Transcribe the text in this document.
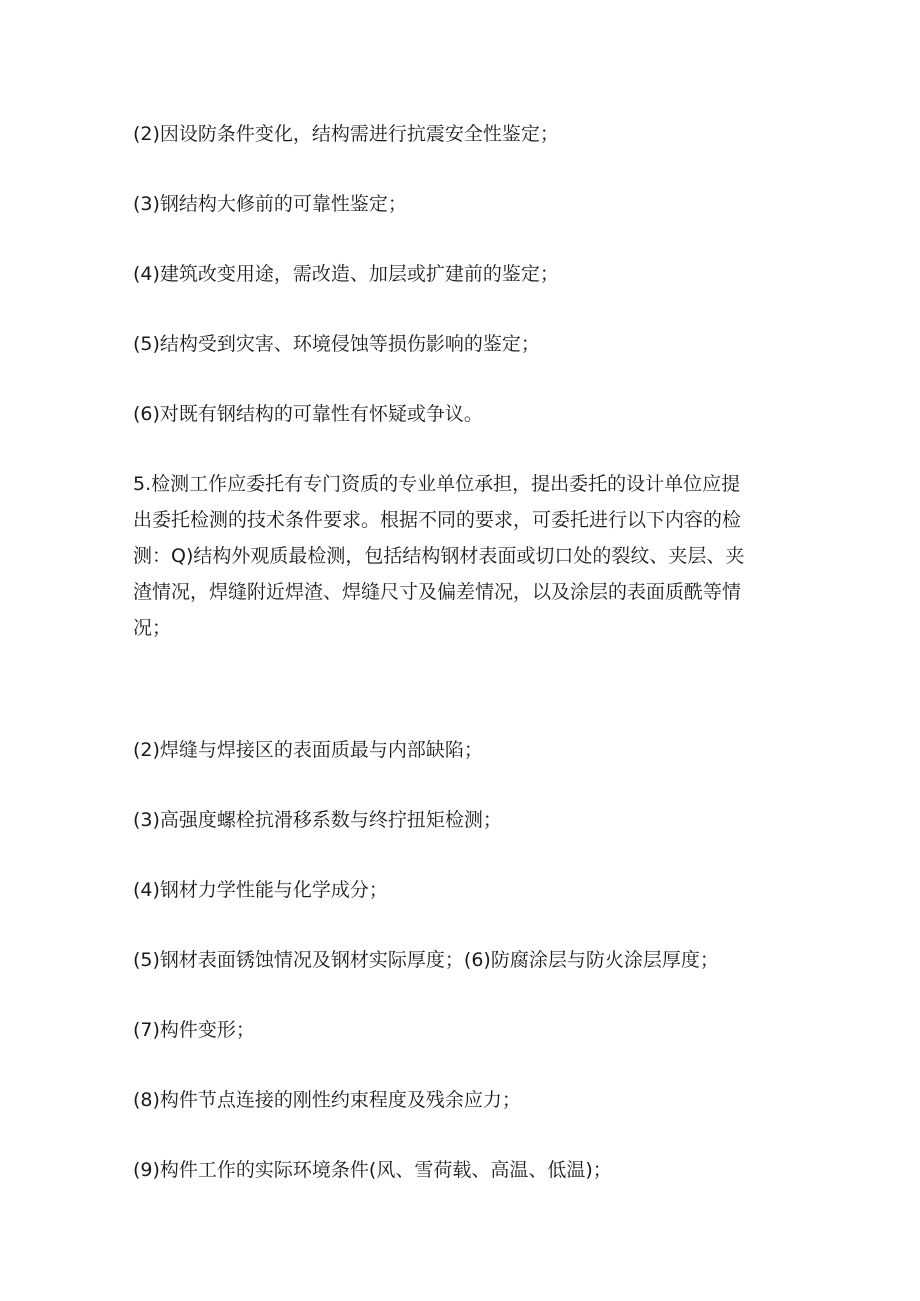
(2)因设防条件变化，结构需进行抗震安全性鉴定；

(3)钢结构大修前的可靠性鉴定；

(4)建筑改变用途，需改造、加层或扩建前的鉴定；

(5)结构受到灾害、环境侵蚀等损伤影响的鉴定；

(6)对既有钢结构的可靠性有怀疑或争议。

5.检测工作应委托有专门资质的专业单位承担，提出委托的设计单位应提
出委托检测的技术条件要求。根据不同的要求，可委托进行以下内容的检
测：Q)结构外观质最检测，包括结构钢材表面或切口处的裂纹、夹层、夹
渣情况，焊缝附近焊渣、焊缝尺寸及偏差情况，以及涂层的表面质酰等情
况；

(2)焊缝与焊接区的表面质最与内部缺陷；

(3)高强度螺栓抗滑移系数与终拧扭矩检测；

(4)钢材力学性能与化学成分；

(5)钢材表面锈蚀情况及钢材实际厚度；(6)防腐涂层与防火涂层厚度；

(7)构件变形；

(8)构件节点连接的刚性约束程度及残余应力；

(9)构件工作的实际环境条件(风、雪荷载、高温、低温)；
